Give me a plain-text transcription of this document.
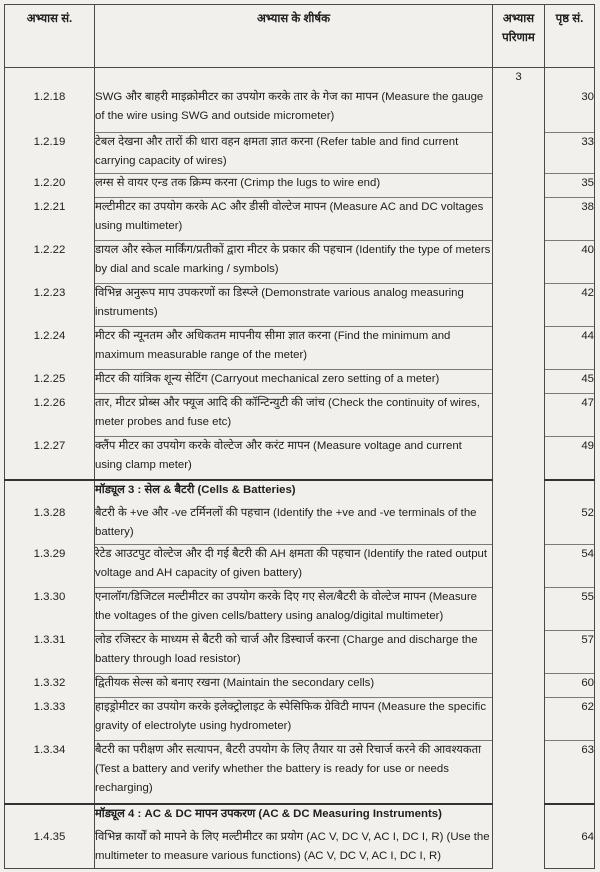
अभ्यास सं.	अभ्यास के शीर्षक	अभ्यास परिणाम	पृष्ठ सं.
		3	
1.2.18	SWG और बाहरी माइक्रोमीटर का उपयोग करके तार के गेज का मापन (Measure the gauge of the wire using SWG and outside micrometer)		30
1.2.19	टेबल देखना और तारों की धारा वहन क्षमता ज्ञात करना (Refer table and find current carrying capacity of wires)		33
1.2.20	लग्स से वायर एन्ड तक क्रिम्प करना (Crimp the lugs to wire end)		35
1.2.21	मल्टीमीटर का उपयोग करके AC और डीसी वोल्टेज मापन (Measure AC and DC voltages using multimeter)		38
1.2.22	डायल और स्केल मार्किंग/प्रतीकों द्वारा मीटर के प्रकार की पहचान (Identify the type of meters by dial and scale marking / symbols)		40
1.2.23	विभिन्न अनुरूप माप उपकरणों का डिस्प्ले (Demonstrate various analog measuring instruments)		42
1.2.24	मीटर की न्यूनतम और अधिकतम मापनीय सीमा ज्ञात करना (Find the minimum and maximum measurable range of the meter)		44
1.2.25	मीटर की यांत्रिक शून्य सेटिंग (Carryout mechanical zero setting of a meter)		45
1.2.26	तार, मीटर प्रोब्स और फ्यूज आदि की कॉन्टिन्युटी की जांच (Check the continuity of wires, meter probes and fuse etc)		47
1.2.27	क्लैंप मीटर का उपयोग करके वोल्टेज और करंट मापन (Measure voltage and current using clamp meter)		49
	मॉड्यूल 3 : सेल & बैटरी (Cells & Batteries)		
1.3.28	बैटरी के +ve और -ve टर्मिनलों की पहचान (Identify the +ve and -ve terminals of the battery)		52
1.3.29	रेटेड आउटपुट वोल्टेज और दी गई बैटरी की AH क्षमता की पहचान (Identify the rated output voltage and AH capacity of given battery)		54
1.3.30	एनालॉग/डिजिटल मल्टीमीटर का उपयोग करके दिए गए सेल/बैटरी के वोल्टेज मापन (Measure the voltages of the given cells/battery using analog/digital multimeter)		55
1.3.31	लोड रजिस्टर के माध्यम से बैटरी को चार्ज और डिस्चार्ज करना (Charge and discharge the battery through load resistor)		57
1.3.32	द्वितीयक सेल्स को बनाए रखना (Maintain the secondary cells)		60
1.3.33	हाइड्रोमीटर का उपयोग करके इलेक्ट्रोलाइट के स्पेसिफिक ग्रेविटी मापन (Measure the specific gravity of electrolyte using hydrometer)		62
1.3.34	बैटरी का परीक्षण और सत्यापन, बैटरी उपयोग के लिए तैयार या उसे रिचार्ज करने की आवश्यकता (Test a battery and verify whether the battery is ready for use or needs recharging)		63
	मॉड्यूल 4 : AC & DC मापन उपकरण (AC & DC Measuring Instruments)		
1.4.35	विभिन्न कार्यों को मापने के लिए मल्टीमीटर का प्रयोग (AC V, DC V, AC I, DC I, R) (Use the multimeter to measure various functions) (AC V, DC V, AC I, DC I, R)		64
